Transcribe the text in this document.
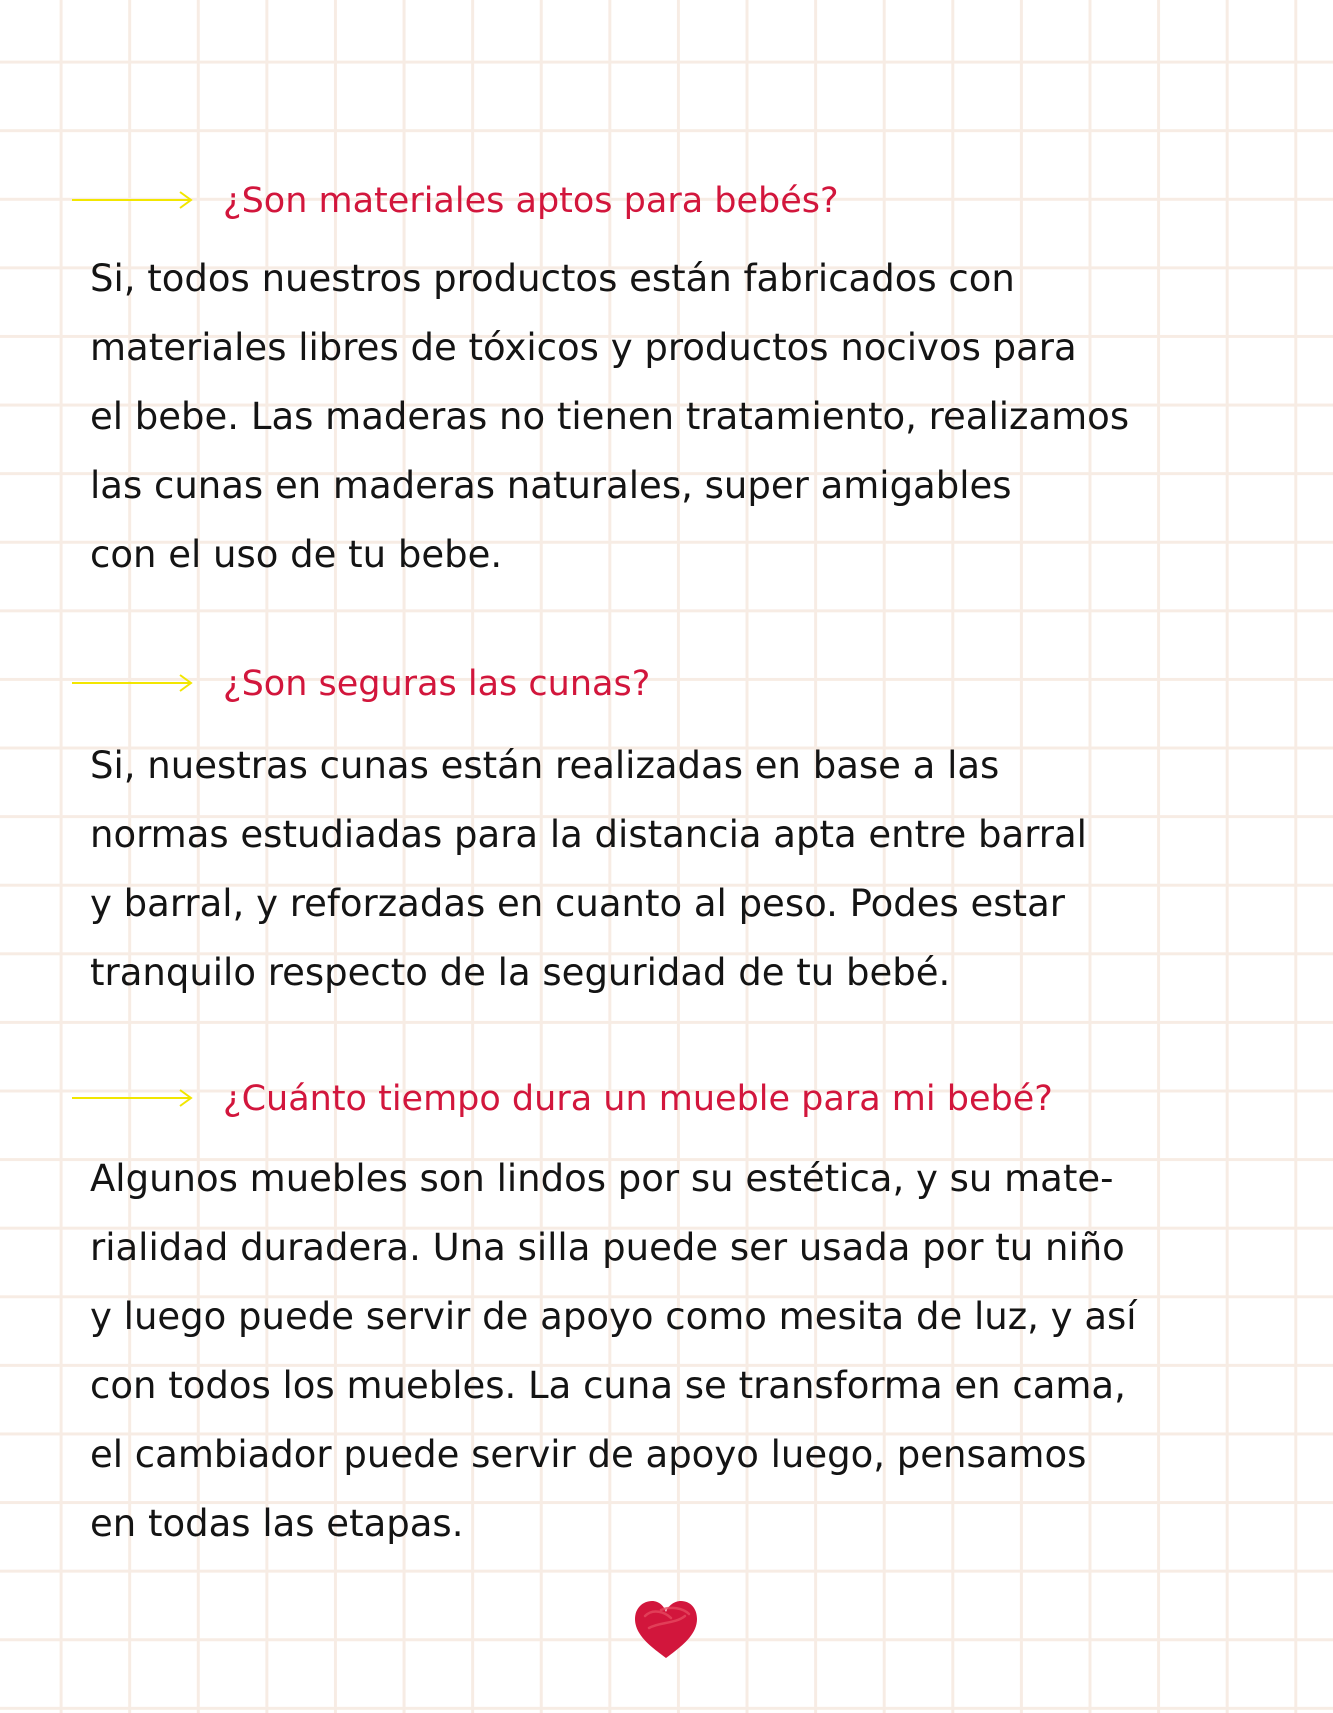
¿Son materiales aptos para bebés?
Si, todos nuestros productos están fabricados con
materiales libres de tóxicos y productos nocivos para
el bebe. Las maderas no tienen tratamiento, realizamos
las cunas en maderas naturales, super amigables
con el uso de tu bebe.
¿Son seguras las cunas?
Si, nuestras cunas están realizadas en base a las
normas estudiadas para la distancia apta entre barral
y barral, y reforzadas en cuanto al peso. Podes estar
tranquilo respecto de la seguridad de tu bebé.
¿Cuánto tiempo dura un mueble para mi bebé?
Algunos muebles son lindos por su estética, y su mate-
rialidad duradera. Una silla puede ser usada por tu niño
y luego puede servir de apoyo como mesita de luz, y así
con todos los muebles. La cuna se transforma en cama,
el cambiador puede servir de apoyo luego, pensamos
en todas las etapas.
